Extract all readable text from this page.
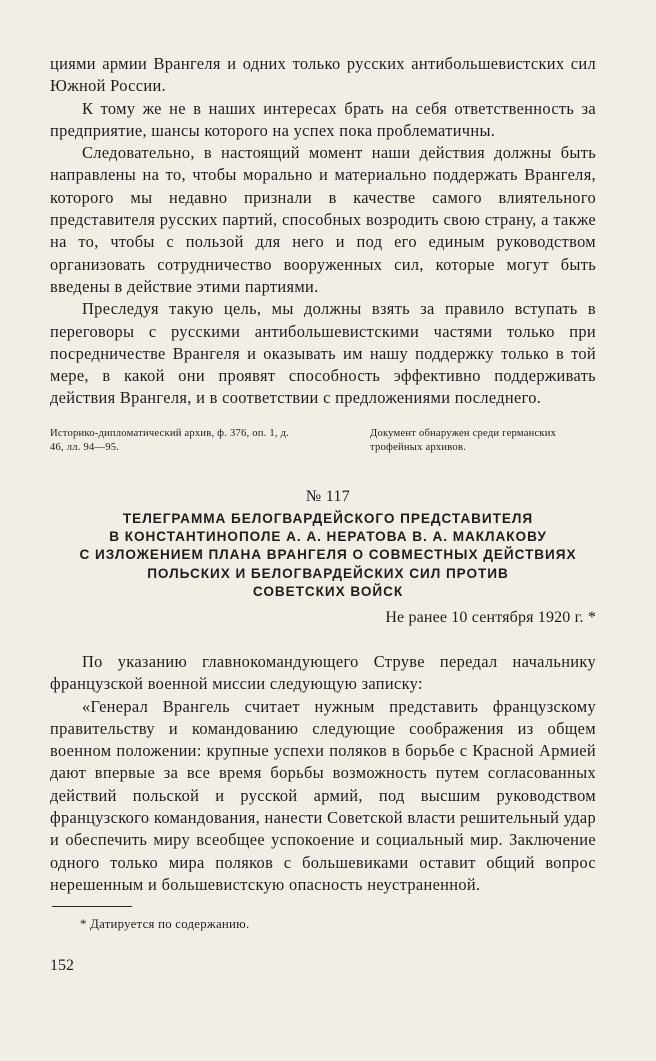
циями армии Врангеля и одних только русских антибольшевистских сил Южной России.

К тому же не в наших интересах брать на себя ответственность за предприятие, шансы которого на успех пока проблематичны.

Следовательно, в настоящий момент наши действия должны быть направлены на то, чтобы морально и материально поддержать Врангеля, которого мы недавно признали в качестве самого влиятельного представителя русских партий, способных возродить свою страну, а также на то, чтобы с пользой для него и под его единым руководством организовать сотрудничество вооруженных сил, которые могут быть введены в действие этими партиями.

Преследуя такую цель, мы должны взять за правило вступать в переговоры с русскими антибольшевистскими частями только при посредничестве Врангеля и оказывать им нашу поддержку только в той мере, в какой они проявят способность эффективно поддерживать действия Врангеля, и в соответствии с предложениями последнего.

Историко-дипломатический архив, ф. 376, оп. 1, д. 46, лл. 94—95.
Документ обнаружен среди германских трофейных архивов.
№ 117
ТЕЛЕГРАММА БЕЛОГВАРДЕЙСКОГО ПРЕДСТАВИТЕЛЯ
В КОНСТАНТИНОПОЛЕ А. А. НЕРАТОВА В. А. МАКЛАКОВУ
С ИЗЛОЖЕНИЕМ ПЛАНА ВРАНГЕЛЯ О СОВМЕСТНЫХ ДЕЙСТВИЯХ
ПОЛЬСКИХ И БЕЛОГВАРДЕЙСКИХ СИЛ ПРОТИВ
СОВЕТСКИХ ВОЙСК
Не ранее 10 сентября 1920 г. *

По указанию главнокомандующего Струве передал начальнику французской военной миссии следующую записку:

«Генерал Врангель считает нужным представить французскому правительству и командованию следующие соображения из общем военном положении: крупные успехи поляков в борьбе с Красной Армией дают впервые за все время борьбы возможность путем согласованных действий польской и русской армий, под высшим руководством французского командования, нанести Советской власти решительный удар и обеспечить миру всеобщее успокоение и социальный мир. Заключение одного только мира поляков с большевиками оставит общий вопрос нерешенным и большевистскую опасность неустраненной.

* Датируется по содержанию.
152
